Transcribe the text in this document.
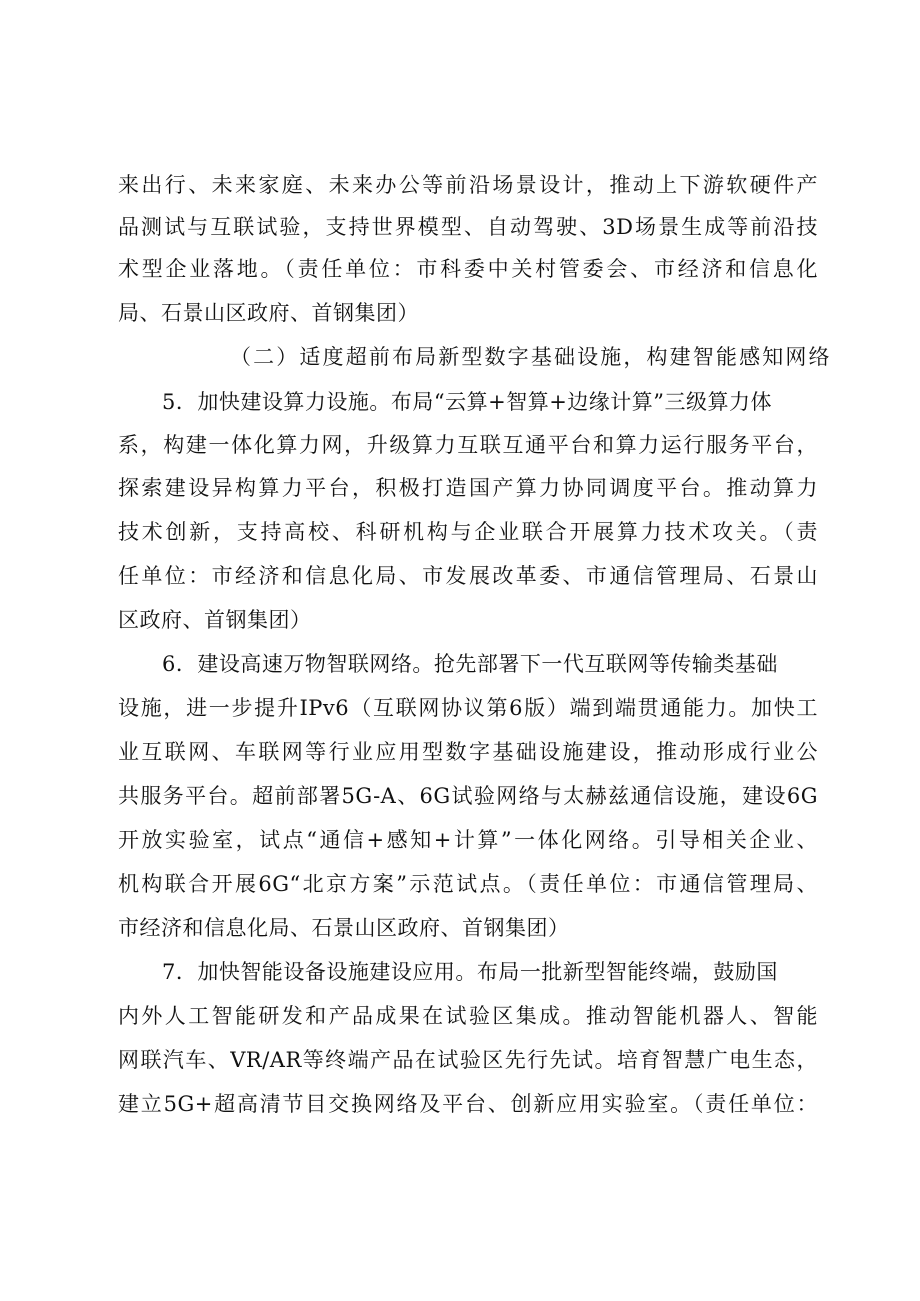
来出行、未来家庭、未来办公等前沿场景设计，推动上下游软硬件产
品测试与互联试验，支持世界模型、自动驾驶、3D场景生成等前沿技
术型企业落地。（责任单位：市科委中关村管委会、市经济和信息化
局、石景山区政府、首钢集团）
（二）适度超前布局新型数字基础设施，构建智能感知网络
5．加快建设算力设施。布局“云算+智算+边缘计算”三级算力体
系，构建一体化算力网，升级算力互联互通平台和算力运行服务平台，
探索建设异构算力平台，积极打造国产算力协同调度平台。推动算力
技术创新，支持高校、科研机构与企业联合开展算力技术攻关。（责
任单位：市经济和信息化局、市发展改革委、市通信管理局、石景山
区政府、首钢集团）
6．建设高速万物智联网络。抢先部署下一代互联网等传输类基础
设施，进一步提升IPv6（互联网协议第6版）端到端贯通能力。加快工
业互联网、车联网等行业应用型数字基础设施建设，推动形成行业公
共服务平台。超前部署5G-A、6G试验网络与太赫兹通信设施，建设6G
开放实验室，试点“通信+感知+计算”一体化网络。引导相关企业、
机构联合开展6G“北京方案”示范试点。（责任单位：市通信管理局、
市经济和信息化局、石景山区政府、首钢集团）
7．加快智能设备设施建设应用。布局一批新型智能终端，鼓励国
内外人工智能研发和产品成果在试验区集成。推动智能机器人、智能
网联汽车、VR/AR等终端产品在试验区先行先试。培育智慧广电生态，
建立5G+超高清节目交换网络及平台、创新应用实验室。（责任单位：
